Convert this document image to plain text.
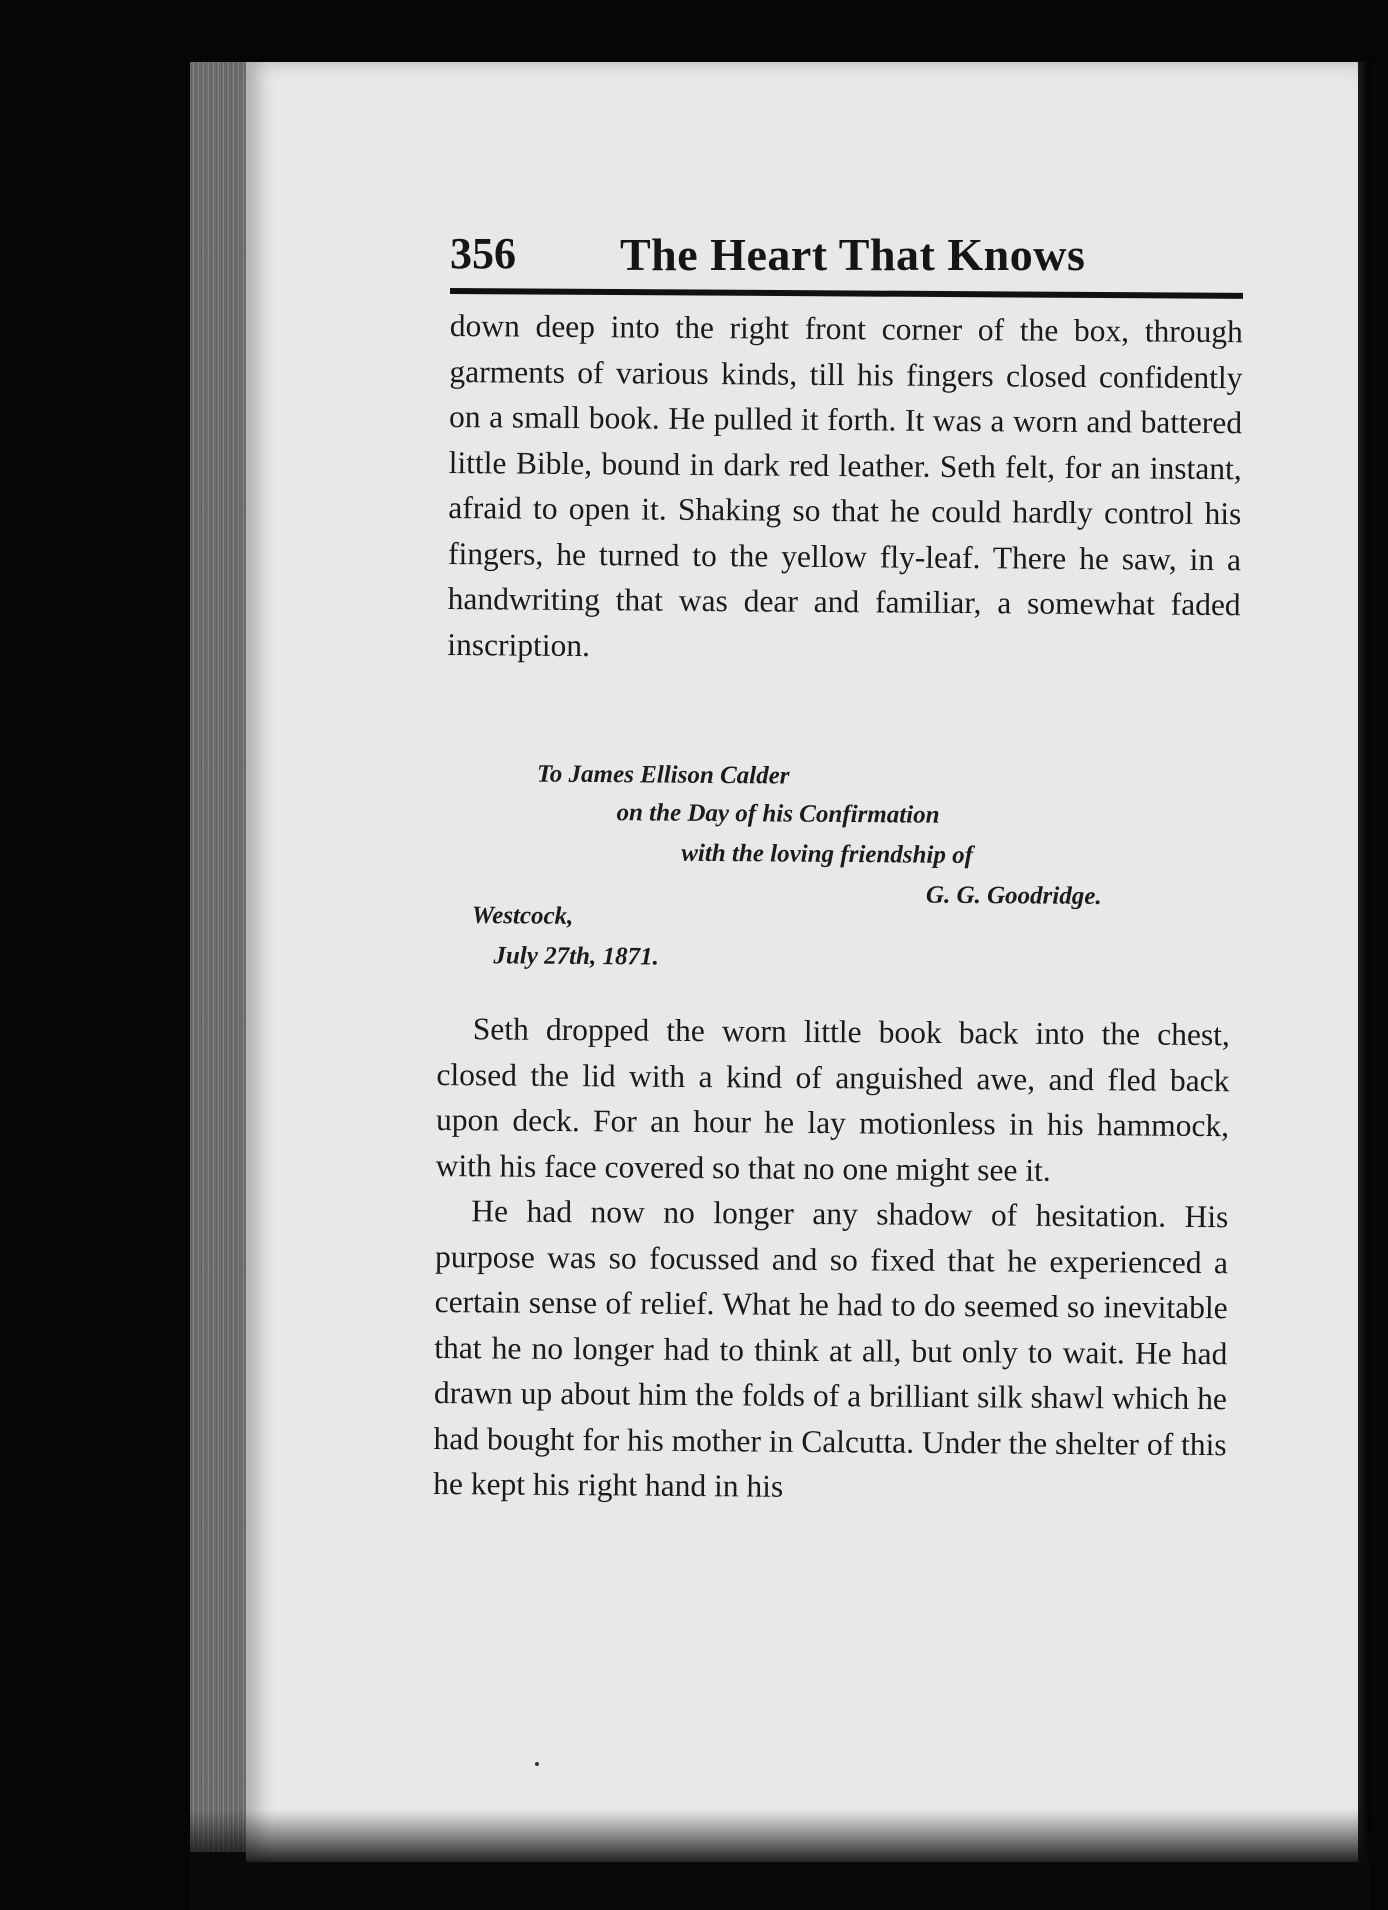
356 The Heart That Knows

down deep into the right front corner of the box, through garments of various kinds, till his fingers closed confidently on a small book. He pulled it forth. It was a worn and battered little Bible, bound in dark red leather. Seth felt, for an instant, afraid to open it. Shaking so that he could hardly control his fingers, he turned to the yellow fly-leaf. There he saw, in a handwriting that was dear and familiar, a somewhat faded inscription.

To James Ellison Calder
on the Day of his Confirmation
with the loving friendship of
G. G. Goodridge.
Westcock,
July 27th, 1871.

Seth dropped the worn little book back into the chest, closed the lid with a kind of anguished awe, and fled back upon deck. For an hour he lay motionless in his hammock, with his face covered so that no one might see it.

He had now no longer any shadow of hesitation. His purpose was so focussed and so fixed that he experienced a certain sense of relief. What he had to do seemed so inevitable that he no longer had to think at all, but only to wait. He had drawn up about him the folds of a brilliant silk shawl which he had bought for his mother in Calcutta. Under the shelter of this he kept his right hand in his
